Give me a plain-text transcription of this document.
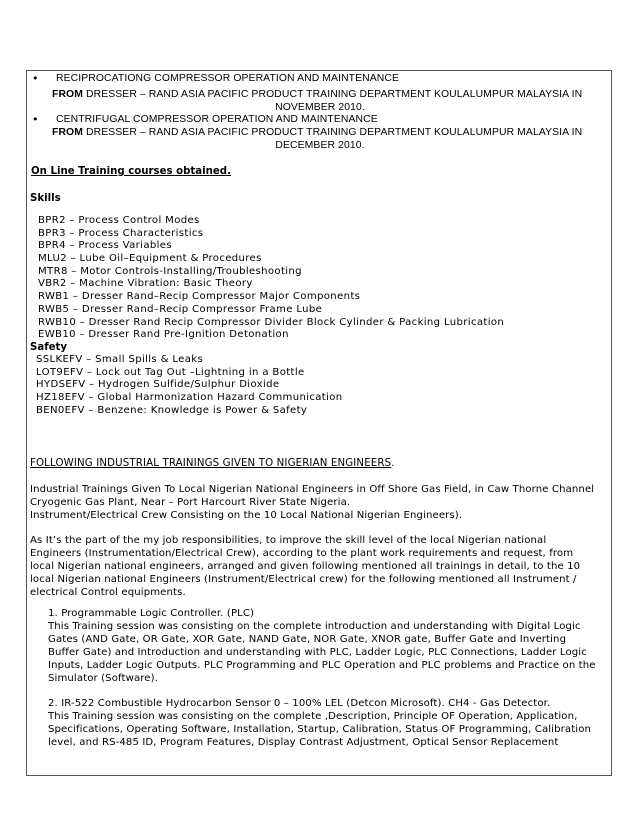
• RECIPROCATIONG COMPRESSOR OPERATION AND MAINTENANCE
FROM DRESSER – RAND ASIA PACIFIC PRODUCT TRAINING DEPARTMENT KOULALUMPUR MALAYSIA IN
NOVEMBER 2010.
• CENTRIFUGAL COMPRESSOR OPERATION AND MAINTENANCE
FROM DRESSER – RAND ASIA PACIFIC PRODUCT TRAINING DEPARTMENT KOULALUMPUR MALAYSIA IN
DECEMBER 2010.
On Line Training courses obtained.
Skills
BPR2 – Process Control Modes
BPR3 – Process Characteristics
BPR4 – Process Variables
MLU2 – Lube Oil–Equipment & Procedures
MTR8 – Motor Controls-Installing/Troubleshooting
VBR2 – Machine Vibration: Basic Theory
RWB1 – Dresser Rand–Recip Compressor Major Components
RWB5 – Dresser Rand–Recip Compressor Frame Lube
RWB10 – Dresser Rand Recip Compressor Divider Block Cylinder & Packing Lubrication
EWB10 – Dresser Rand Pre-Ignition Detonation
Safety
SSLKEFV – Small Spills & Leaks
LOT9EFV – Lock out Tag Out –Lightning in a Bottle
HYDSEFV – Hydrogen Sulfide/Sulphur Dioxide
HZ18EFV – Global Harmonization Hazard Communication
BEN0EFV – Benzene: Knowledge is Power & Safety
FOLLOWING INDUSTRIAL TRAININGS GIVEN TO NIGERIAN ENGINEERS.
Industrial Trainings Given To Local Nigerian National Engineers in Off Shore Gas Field, in Caw Thorne Channel
Cryogenic Gas Plant, Near – Port Harcourt River State Nigeria.
Instrument/Electrical Crew Consisting on the 10 Local National Nigerian Engineers).
As It’s the part of the my job responsibilities, to improve the skill level of the local Nigerian national
Engineers (Instrumentation/Electrical Crew), according to the plant work requirements and request, from
local Nigerian national engineers, arranged and given following mentioned all trainings in detail, to the 10
local Nigerian national Engineers (Instrument/Electrical crew) for the following mentioned all Instrument /
electrical Control equipments.
1. Programmable Logic Controller. (PLC)
This Training session was consisting on the complete introduction and understanding with Digital Logic
Gates (AND Gate, OR Gate, XOR Gate, NAND Gate, NOR Gate, XNOR gate, Buffer Gate and Inverting
Buffer Gate) and Introduction and understanding with PLC, Ladder Logic, PLC Connections, Ladder Logic
Inputs, Ladder Logic Outputs. PLC Programming and PLC Operation and PLC problems and Practice on the
Simulator (Software).
2. IR-522 Combustible Hydrocarbon Sensor 0 – 100% LEL (Detcon Microsoft). CH4 - Gas Detector.
This Training session was consisting on the complete ,Description, Principle OF Operation, Application,
Specifications, Operating Software, Installation, Startup, Calibration, Status OF Programming, Calibration
level, and RS-485 ID, Program Features, Display Contrast Adjustment, Optical Sensor Replacement
